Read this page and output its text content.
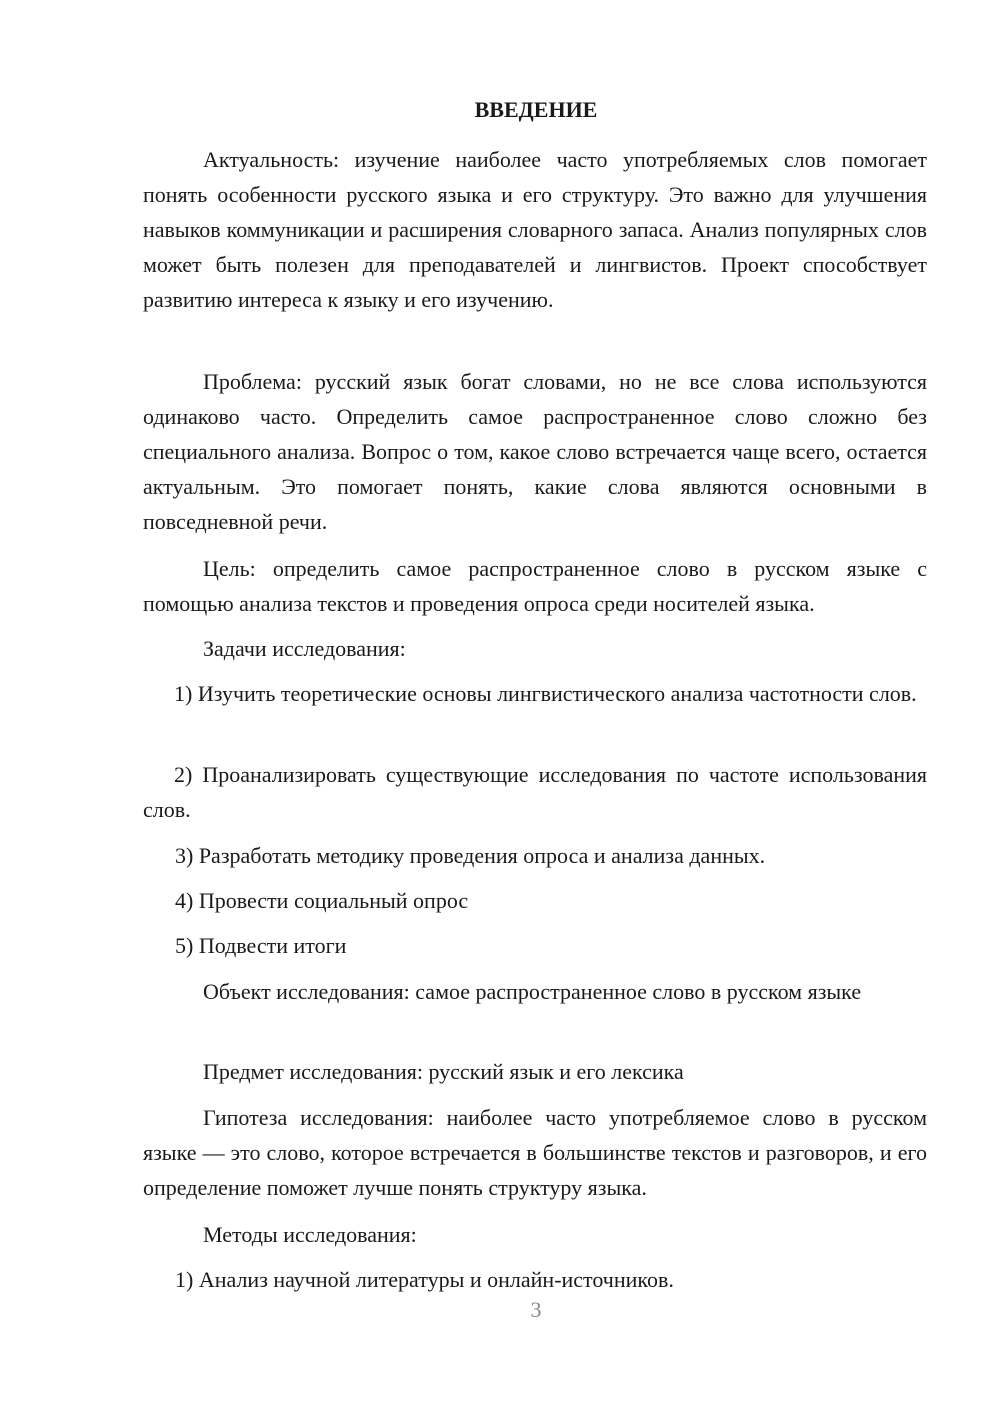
ВВЕДЕНИЕ

Актуальность: изучение наиболее часто употребляемых слов помогает понять особенности русского языка и его структуру. Это важно для улучшения навыков коммуникации и расширения словарного запаса. Анализ популярных слов может быть полезен для преподавателей и лингвистов. Проект способствует развитию интереса к языку и его изучению.

Проблема: русский язык богат словами, но не все слова используются одинаково часто. Определить самое распространенное слово сложно без специального анализа. Вопрос о том, какое слово встречается чаще всего, остается актуальным. Это помогает понять, какие слова являются основными в повседневной речи.

Цель: определить самое распространенное слово в русском языке с помощью анализа текстов и проведения опроса среди носителей языка.

Задачи исследования:

1) Изучить теоретические основы лингвистического анализа частотности слов.

2) Проанализировать существующие исследования по частоте использования слов.

3) Разработать методику проведения опроса и анализа данных.

4) Провести социальный опрос

5) Подвести итоги

Объект исследования: самое распространенное слово в русском языке

Предмет исследования: русский язык и его лексика

Гипотеза исследования: наиболее часто употребляемое слово в русском языке — это слово, которое встречается в большинстве текстов и разговоров, и его определение поможет лучше понять структуру языка.

Методы исследования:

1) Анализ научной литературы и онлайн-источников.

3
